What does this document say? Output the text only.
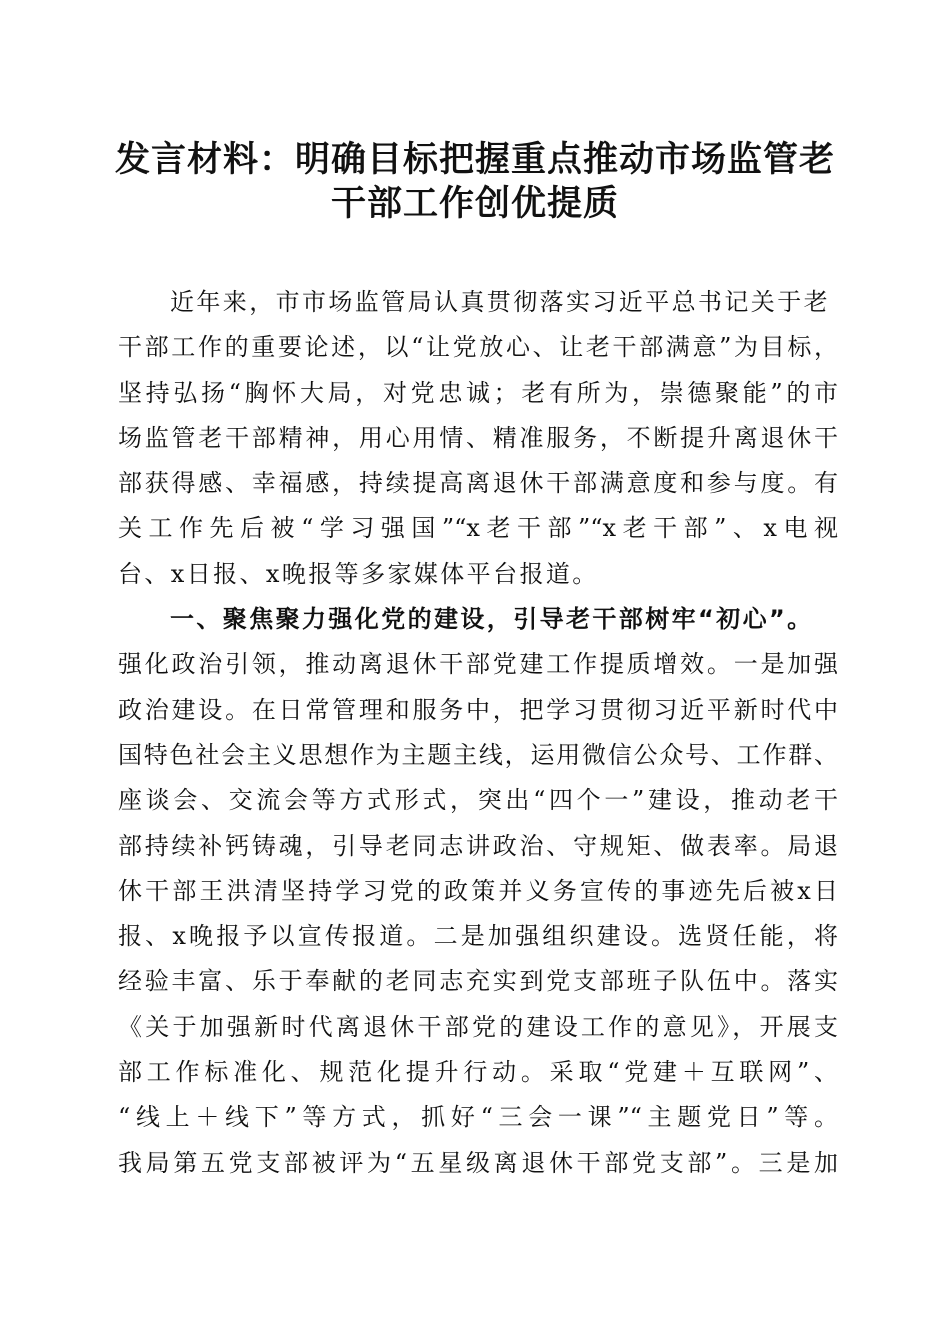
发言材料：明确目标把握重点推动市场监管老
干部工作创优提质
近年来，市市场监管局认真贯彻落实习近平总书记关于老
干部工作的重要论述，以“让党放心、让老干部满意”为目标，
坚持弘扬“胸怀大局，对党忠诚；老有所为，崇德聚能”的市
场监管老干部精神，用心用情、精准服务，不断提升离退休干
部获得感、幸福感，持续提高离退休干部满意度和参与度。有
关工作先后被“学习强国”“x老干部”“x老干部”、x电视
台、x日报、x晚报等多家媒体平台报道。
一、聚焦聚力强化党的建设，引导老干部树牢“初心”。
强化政治引领，推动离退休干部党建工作提质增效。一是加强
政治建设。在日常管理和服务中，把学习贯彻习近平新时代中
国特色社会主义思想作为主题主线，运用微信公众号、工作群、
座谈会、交流会等方式形式，突出“四个一”建设，推动老干
部持续补钙铸魂，引导老同志讲政治、守规矩、做表率。局退
休干部王洪清坚持学习党的政策并义务宣传的事迹先后被x日
报、x晚报予以宣传报道。二是加强组织建设。选贤任能，将
经验丰富、乐于奉献的老同志充实到党支部班子队伍中。落实
《关于加强新时代离退休干部党的建设工作的意见》，开展支
部工作标准化、规范化提升行动。采取“党建＋互联网”、
“线上＋线下”等方式，抓好“三会一课”“主题党日”等。
我局第五党支部被评为“五星级离退休干部党支部”。三是加
